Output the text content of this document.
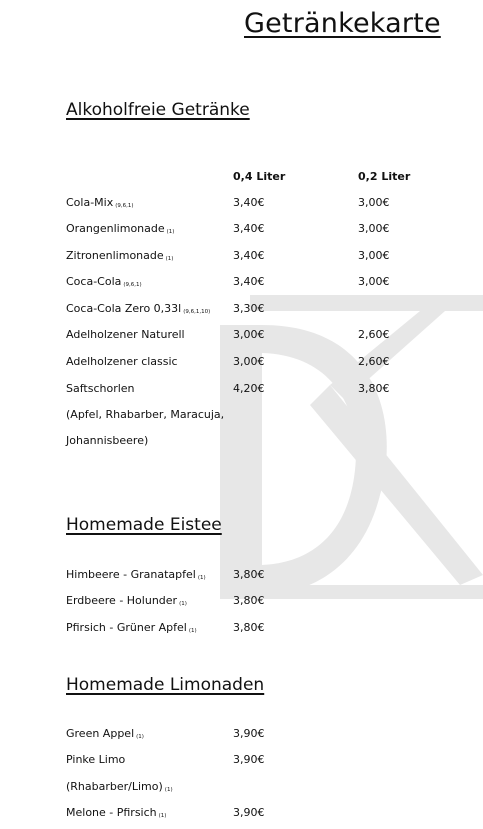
Getränkekarte
Alkoholfreie Getränke
0,4 Liter	0,2 Liter
Cola-Mix (9,6,1)	3,40€	3,00€
Orangenlimonade (1)	3,40€	3,00€
Zitronenlimonade (1)	3,40€	3,00€
Coca-Cola (9,6,1)	3,40€	3,00€
Coca-Cola Zero 0,33l (9,6,1,10) 3,30€
Adelholzener Naturell	3,00€	2,60€
Adelholzener classic	3,00€	2,60€
Saftschorlen	4,20€	3,80€
(Apfel, Rhabarber, Maracuja,
Johannisbeere)
Homemade Eistee
Himbeere - Granatapfel (1) 3,80€
Erdbeere - Holunder (1)	3,80€
Pfirsich - Grüner Apfel (1)	3,80€
Homemade Limonaden
Green Appel (1)	3,90€
Pinke Limo	3,90€
(Rhabarber/Limo) (1)
Melone - Pfirsich (1)	3,90€
